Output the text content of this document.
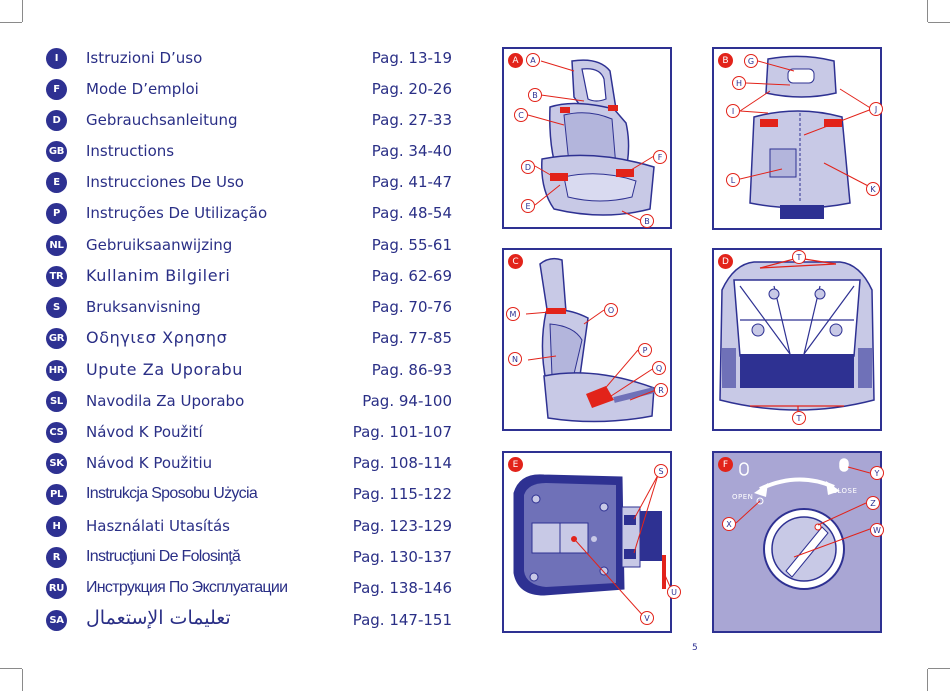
I	Istruzioni D’uso	Pag. 13-19
F	Mode D’emploi	Pag. 20-26
D	Gebrauchsanleitung	Pag. 27-33
GB Instructions	Pag. 34-40
E	Instrucciones De Uso	Pag. 41-47
P	Instruções De Utilização	Pag. 48-54
NL Gebruiksaanwijzing	Pag. 55-61
TR Kullanim Bilgileri	Pag. 62-69
S	Bruksanvisning	Pag. 70-76
GR Οδηγιεσ Χρησησ	Pag. 77-85
HR Upute Za Uporabu	Pag. 86-93
SL Navodila Za Uporabo	Pag. 94-100
CS Návod K Použití	Pag. 101-107
SK Návod K Použitiu	Pag. 108-114
PL Instrukcja Sposobu Użycia	Pag. 115-122
H	Használati Utasítás	Pag. 123-129
R	Instrucţiuni De Folosinţă	Pag. 130-137
RU Инструкция По Эксплуатации	Pag. 138-146
SA تعليمات الإستعمال	Pag. 147-151
A	A
B
C
D
E
F
B
B	G
H
I	J
L
K
C
M	O
N
P
Q
R
D	T
T
E
S
U
V
OPEN
CLOSE
F
Y
Z
X
W
5
